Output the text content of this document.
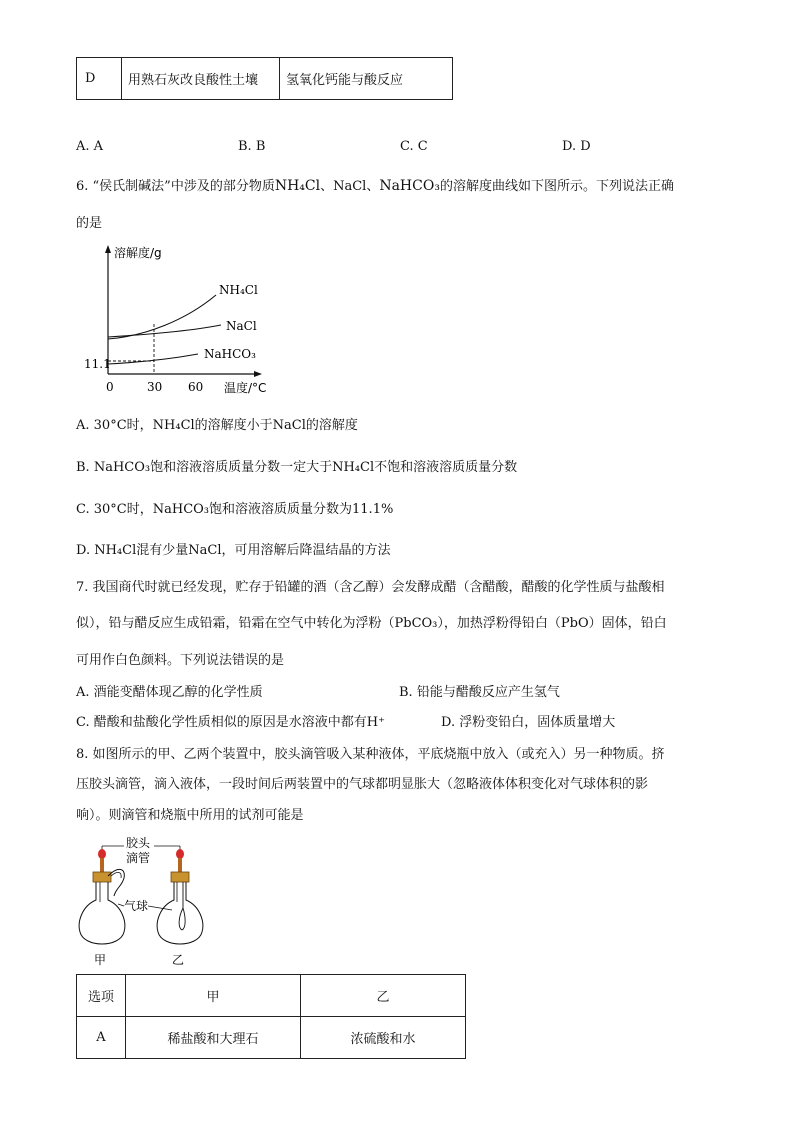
D	用熟石灰改良酸性土壤	氢氧化钙能与酸反应
A. A	B. B	C. C	D. D
6. “侯氏制碱法”中涉及的部分物质NH₄Cl、NaCl、NaHCO₃的溶解度曲线如下图所示。下列说法正确
的是
溶解度/g
温度/°C
11.1
0	30 60
NH₄Cl
NaCl
NaHCO₃
A. 30°C时，NH₄Cl的溶解度小于NaCl的溶解度
B. NaHCO₃饱和溶液溶质质量分数一定大于NH₄Cl不饱和溶液溶质质量分数
C. 30°C时，NaHCO₃饱和溶液溶质质量分数为11.1%
D. NH₄Cl混有少量NaCl，可用溶解后降温结晶的方法
7. 我国商代时就已经发现，贮存于铅罐的酒（含乙醇）会发酵成醋（含醋酸，醋酸的化学性质与盐酸相
似），铅与醋反应生成铅霜，铅霜在空气中转化为浮粉（PbCO₃），加热浮粉得铅白（PbO）固体，铅白
可用作白色颜料。下列说法错误的是
A. 酒能变醋体现乙醇的化学性质	B. 铅能与醋酸反应产生氢气
C. 醋酸和盐酸化学性质相似的原因是水溶液中都有H⁺	D. 浮粉变铅白，固体质量增大
8. 如图所示的甲、乙两个装置中，胶头滴管吸入某种液体，平底烧瓶中放入（或充入）另一种物质。挤
压胶头滴管，滴入液体，一段时间后两装置中的气球都明显胀大（忽略液体体积变化对气球体积的影
响）。则滴管和烧瓶中所用的试剂可能是
胶头
滴管
气球
甲	乙
选项	甲	乙
A	稀盐酸和大理石	浓硫酸和水
